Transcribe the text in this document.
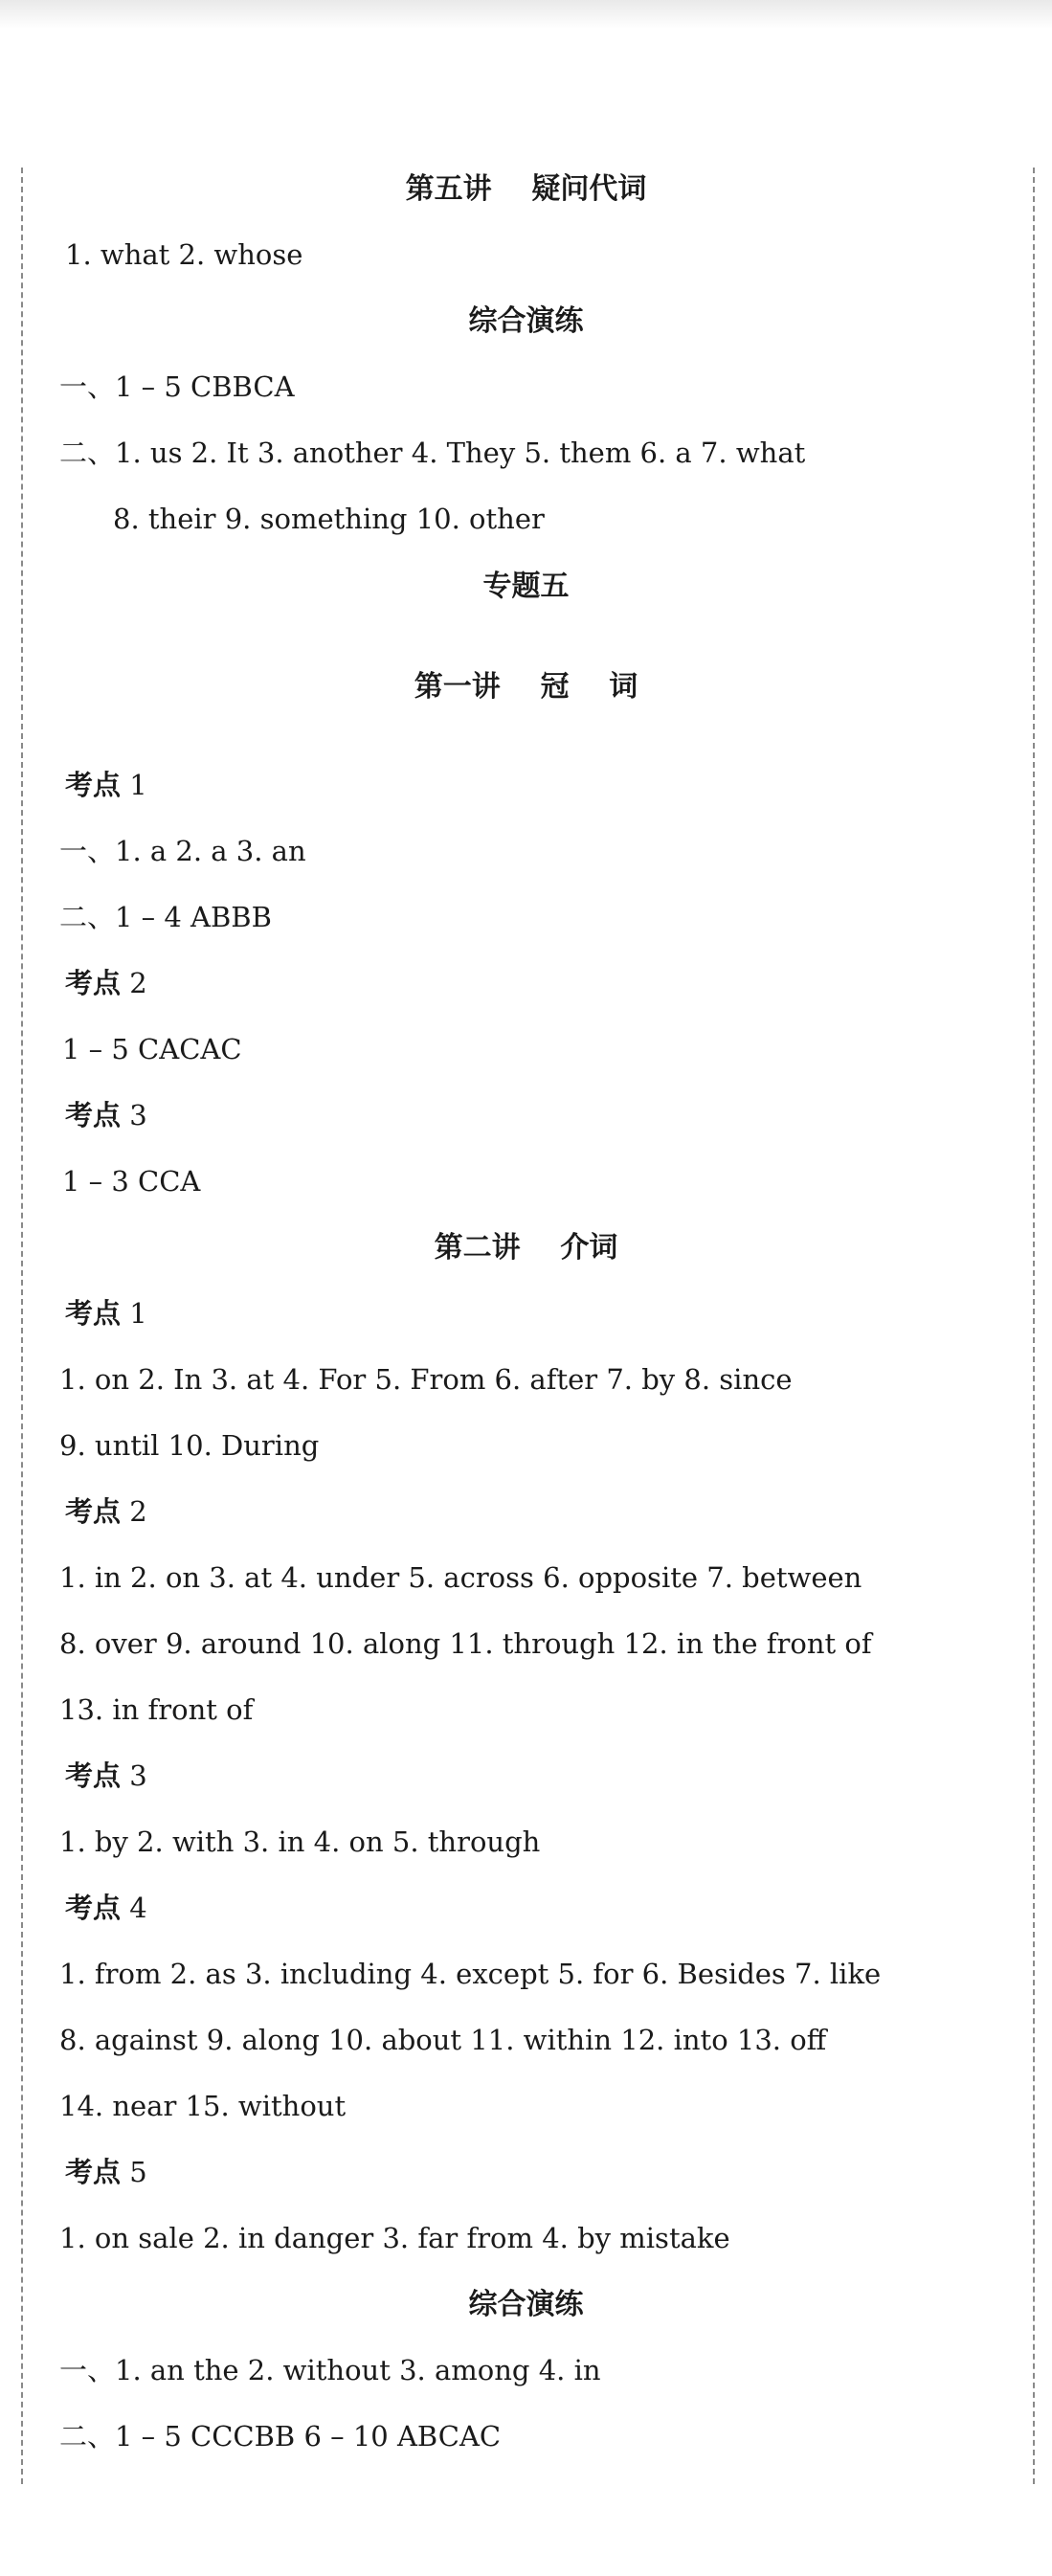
第五讲    疑问代词
1. what 2. whose
综合演练
一、1 – 5 CBBCA
二、1. us 2. It 3. another 4. They 5. them 6. a 7. what
8. their 9. something 10. other
专题五
第一讲    冠    词
考点 1
一、1. a 2. a 3. an
二、1 – 4 ABBB
考点 2
1 – 5 CACAC
考点 3
1 – 3 CCA
第二讲    介词
考点 1
1. on 2. In 3. at 4. For 5. From 6. after 7. by 8. since
9. until 10. During
考点 2
1. in 2. on 3. at 4. under 5. across 6. opposite 7. between
8. over 9. around 10. along 11. through 12. in the front of
13. in front of
考点 3
1. by 2. with 3. in 4. on 5. through
考点 4
1. from 2. as 3. including 4. except 5. for 6. Besides 7. like
8. against 9. along 10. about 11. within 12. into 13. off
14. near 15. without
考点 5
1. on sale 2. in danger 3. far from 4. by mistake
综合演练
一、1. an the 2. without 3. among 4. in
二、1 – 5 CCCBB 6 – 10 ABCAC
